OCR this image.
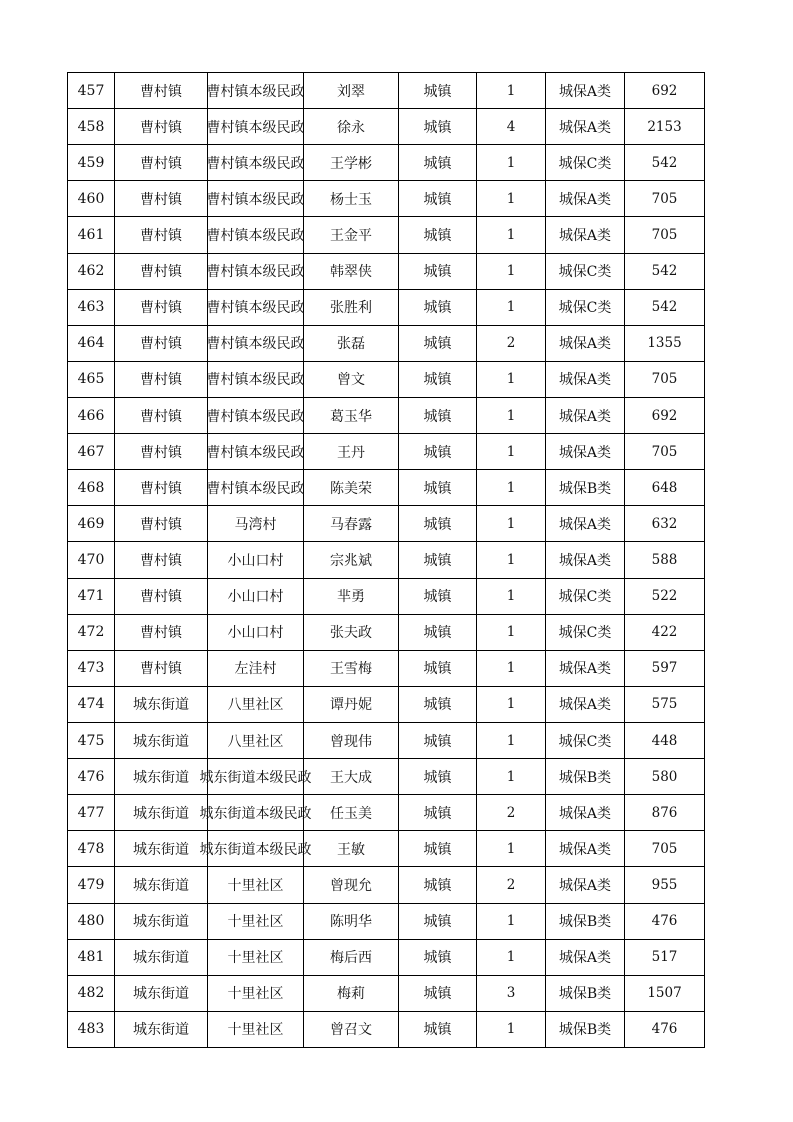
457	曹村镇	曹村镇本级民政	刘翠	城镇	1	城保A类	692
458	曹村镇	曹村镇本级民政	徐永	城镇	4	城保A类	2153
459	曹村镇	曹村镇本级民政	王学彬	城镇	1	城保C类	542
460	曹村镇	曹村镇本级民政	杨士玉	城镇	1	城保A类	705
461	曹村镇	曹村镇本级民政	王金平	城镇	1	城保A类	705
462	曹村镇	曹村镇本级民政	韩翠侠	城镇	1	城保C类	542
463	曹村镇	曹村镇本级民政	张胜利	城镇	1	城保C类	542
464	曹村镇	曹村镇本级民政	张磊	城镇	2	城保A类	1355
465	曹村镇	曹村镇本级民政	曾文	城镇	1	城保A类	705
466	曹村镇	曹村镇本级民政	葛玉华	城镇	1	城保A类	692
467	曹村镇	曹村镇本级民政	王丹	城镇	1	城保A类	705
468	曹村镇	曹村镇本级民政	陈美荣	城镇	1	城保B类	648
469	曹村镇	马湾村	马春露	城镇	1	城保A类	632
470	曹村镇	小山口村	宗兆斌	城镇	1	城保A类	588
471	曹村镇	小山口村	芈勇	城镇	1	城保C类	522
472	曹村镇	小山口村	张夫政	城镇	1	城保C类	422
473	曹村镇	左洼村	王雪梅	城镇	1	城保A类	597
474	城东街道	八里社区	谭丹妮	城镇	1	城保A类	575
475	城东街道	八里社区	曾现伟	城镇	1	城保C类	448
476	城东街道	城东街道本级民政	王大成	城镇	1	城保B类	580
477	城东街道	城东街道本级民政	任玉美	城镇	2	城保A类	876
478	城东街道	城东街道本级民政	王敏	城镇	1	城保A类	705
479	城东街道	十里社区	曾现允	城镇	2	城保A类	955
480	城东街道	十里社区	陈明华	城镇	1	城保B类	476
481	城东街道	十里社区	梅后西	城镇	1	城保A类	517
482	城东街道	十里社区	梅莉	城镇	3	城保B类	1507
483	城东街道	十里社区	曾召文	城镇	1	城保B类	476
